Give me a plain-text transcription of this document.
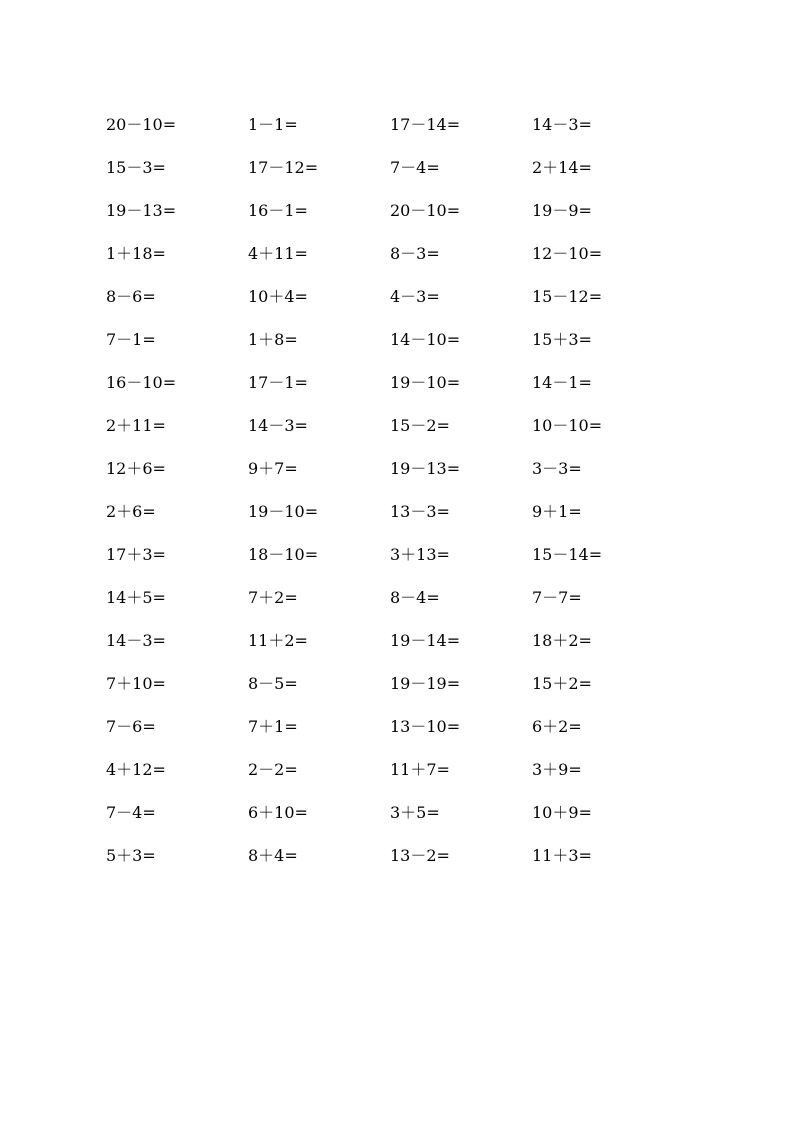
20－10=	1－1=	17－14=	14－3=
15－3=	17－12=	7－4=	2＋14=
19－13=	16－1=	20－10=	19－9=
1＋18=	4＋11=	8－3=	12－10=
8－6=	10＋4=	4－3=	15－12=
7－1=	1＋8=	14－10=	15＋3=
16－10=	17－1=	19－10=	14－1=
2＋11=	14－3=	15－2=	10－10=
12＋6=	9＋7=	19－13=	3－3=
2＋6=	19－10=	13－3=	9＋1=
17＋3=	18－10=	3＋13=	15－14=
14＋5=	7＋2=	8－4=	7－7=
14－3=	11＋2=	19－14=	18＋2=
7＋10=	8－5=	19－19=	15＋2=
7－6=	7＋1=	13－10=	6＋2=
4＋12=	2－2=	11＋7=	3＋9=
7－4=	6＋10=	3＋5=	10＋9=
5＋3=	8＋4=	13－2=	11＋3=
